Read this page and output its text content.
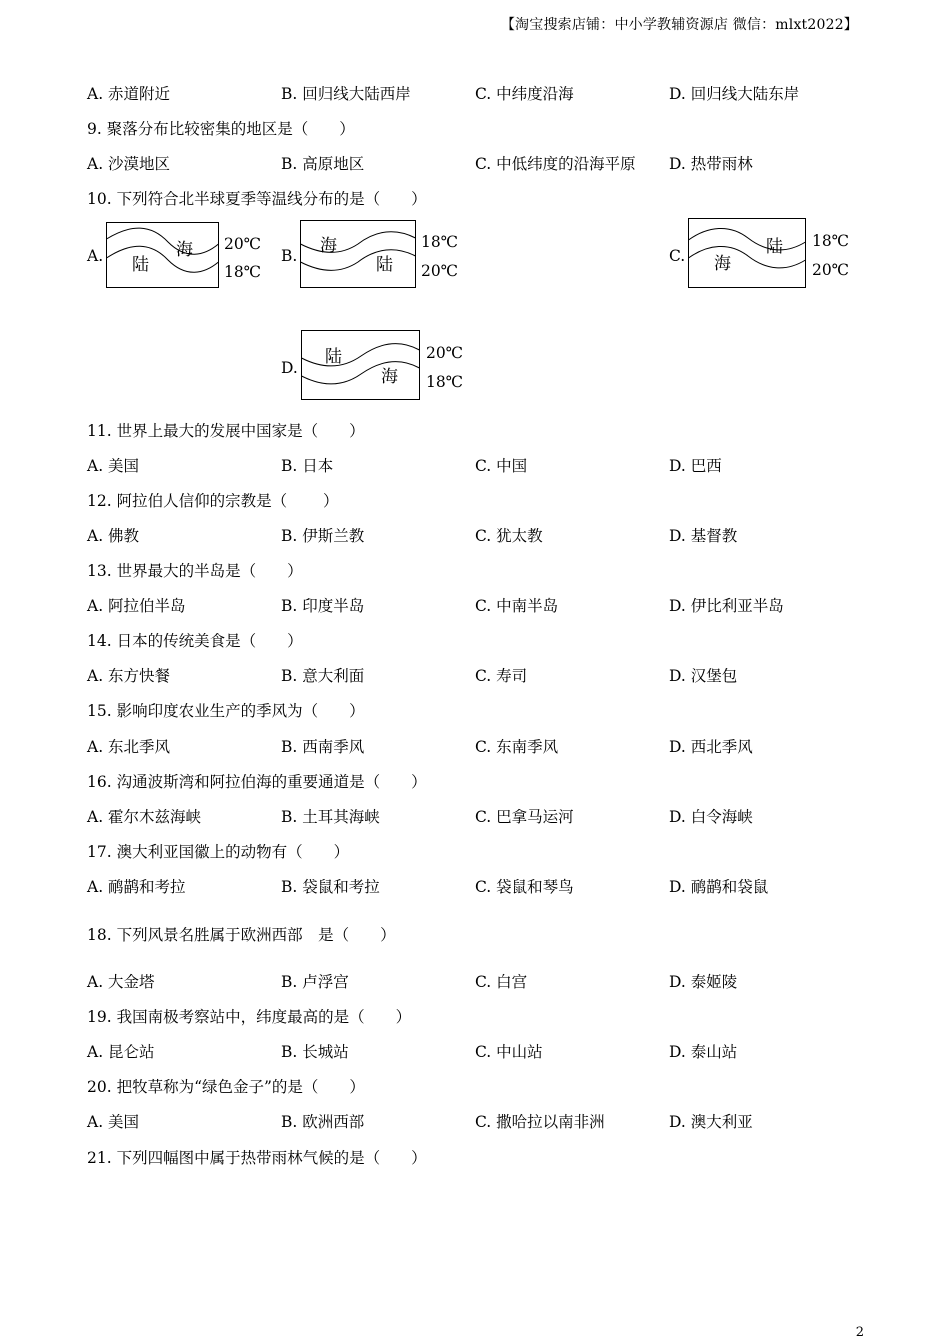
【淘宝搜索店铺：中小学教辅资源店 微信：mlxt2022】
A. 赤道附近	B. 回归线大陆西岸	C. 中纬度沿海	D. 回归线大陆东岸
9. 聚落分布比较密集的地区是（　　）
A. 沙漠地区	B. 高原地区	C. 中低纬度的沿海平原 D. 热带雨林
10. 下列符合北半球夏季等温线分布的是（　　）
A.	海
陆
20℃
18℃
B. 海
陆
18℃
20℃
C.	陆
海
18℃
20℃
D.
陆
海
20℃
18℃
11. 世界上最大的发展中国家是（　　）
A. 美国	B. 日本	C. 中国	D. 巴西
12. 阿拉伯人信仰的宗教是（　　 ）
A. 佛教	B. 伊斯兰教	C. 犹太教	D. 基督教
13. 世界最大的半岛是（　　）
A. 阿拉伯半岛	B. 印度半岛	C. 中南半岛	D. 伊比利亚半岛
14. 日本的传统美食是（　　）
A. 东方快餐	B. 意大利面	C. 寿司	D. 汉堡包
15. 影响印度农业生产的季风为（　　）
A. 东北季风	B. 西南季风	C. 东南季风	D. 西北季风
16. 沟通波斯湾和阿拉伯海的重要通道是（　　）
A. 霍尔木兹海峡	B. 土耳其海峡	C. 巴拿马运河	D. 白令海峡
17. 澳大利亚国徽上的动物有（　　）
A. 鸸鹋和考拉	B. 袋鼠和考拉	C. 袋鼠和琴鸟	D. 鸸鹋和袋鼠
18. 下列风景名胜属于欧洲西部　是（　　）
A. 大金塔	B. 卢浮宫	C. 白宫	D. 泰姬陵
19. 我国南极考察站中，纬度最高的是（　　）
A. 昆仑站	B. 长城站	C. 中山站	D. 泰山站
20. 把牧草称为“绿色金子”的是（　　）
A. 美国	B. 欧洲西部	C. 撒哈拉以南非洲	D. 澳大利亚
21. 下列四幅图中属于热带雨林气候的是（　　）
2
